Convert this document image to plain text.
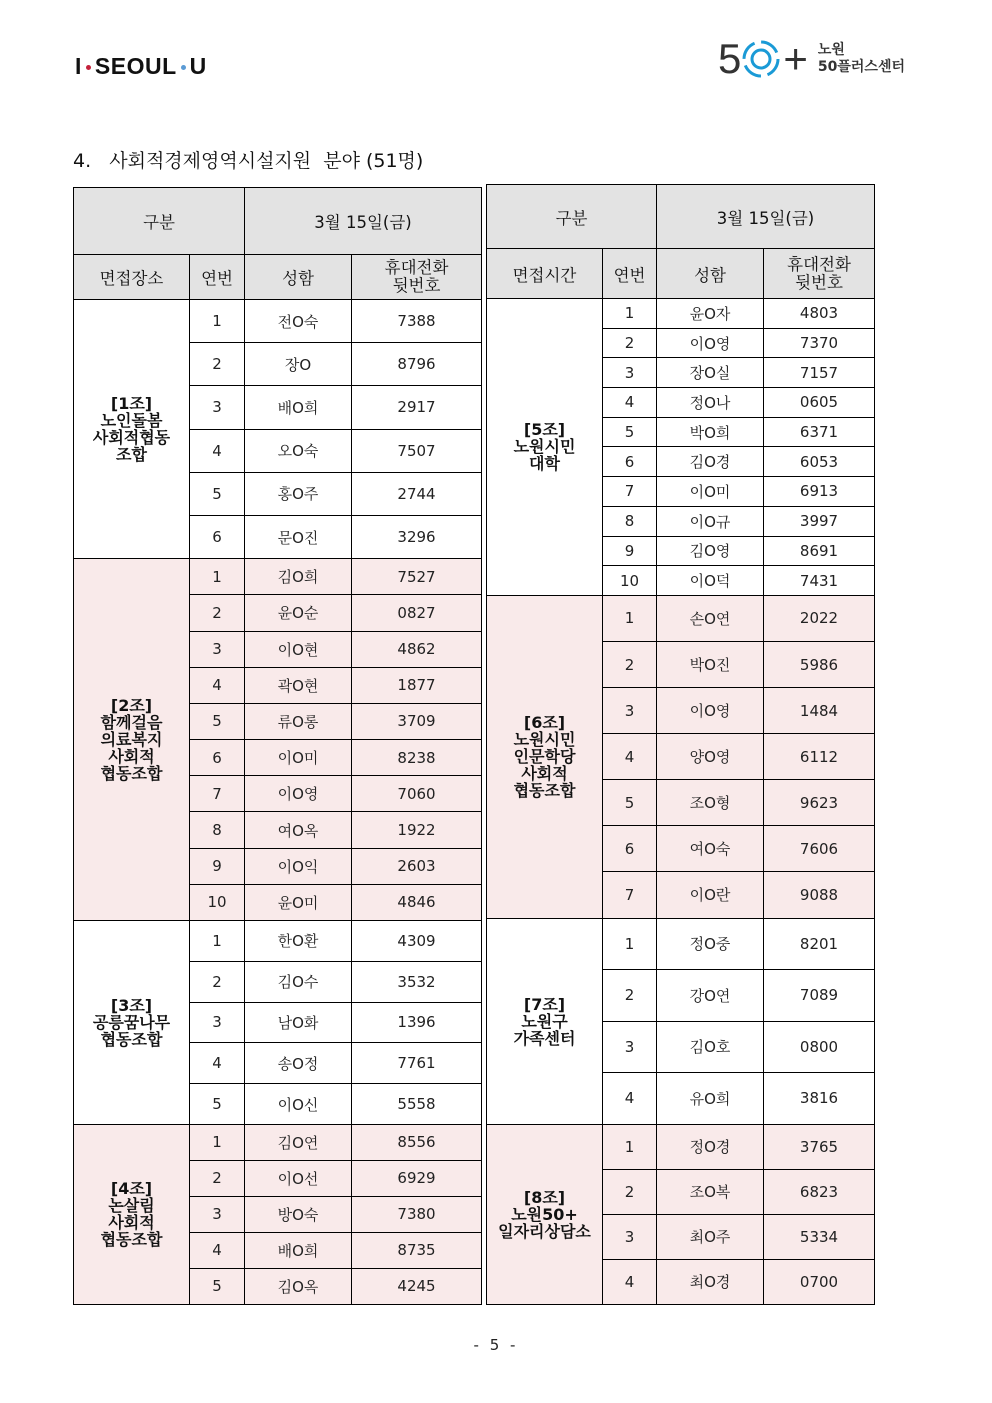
I SEOUL U	5 + 노원
50플러스센터
4.   사회적경제영역시설지원  분야 (51명)
구분		3월 15일(금)	
면접장소	연번	성함	휴대전화
뒷번호

[1조]
노인돌봄
사회적협동
조합	1	전O숙	7388
	2	장O	8796
	3	배O희	2917
	4	오O숙	7507
	5	홍O주	2744
	6	문O진	3296

[2조]
함께걸음
의료복지
사회적
협동조합	1	김O희	7527
	2	윤O순	0827
	3	이O현	4862
	4	곽O현	1877
	5	류O롱	3709
	6	이O미	8238
	7	이O영	7060
	8	여O옥	1922
	9	이O익	2603
	10	윤O미	4846

[3조]
공릉꿈나무
협동조합	1	한O환	4309
	2	김O수	3532
	3	남O화	1396
	4	송O정	7761
	5	이O신	5558

[4조]
논살림
사회적
협동조합	1	김O연	8556
	2	이O선	6929
	3	방O숙	7380
	4	배O희	8735
	5	김O옥	4245
구분		3월 15일(금)	
면접시간	연번	성함	휴대전화
뒷번호

[5조]
노원시민
대학	1	윤O자	4803
	2	이O영	7370
	3	장O실	7157
	4	정O나	0605
	5	박O희	6371
	6	김O경	6053
	7	이O미	6913
	8	이O규	3997
	9	김O영	8691
	10	이O덕	7431

[6조]
노원시민
인문학당
사회적
협동조합	1	손O연	2022
	2	박O진	5986
	3	이O영	1484
	4	양O영	6112
	5	조O형	9623
	6	여O숙	7606
	7	이O란	9088

[7조]
노원구
가족센터	1	정O중	8201
	2	강O연	7089
	3	김O호	0800
	4	유O희	3816

[8조]
노원50+
일자리상담소	1	정O경	3765
	2	조O복	6823
	3	최O주	5334
	4	최O경	0700
- 5 -
